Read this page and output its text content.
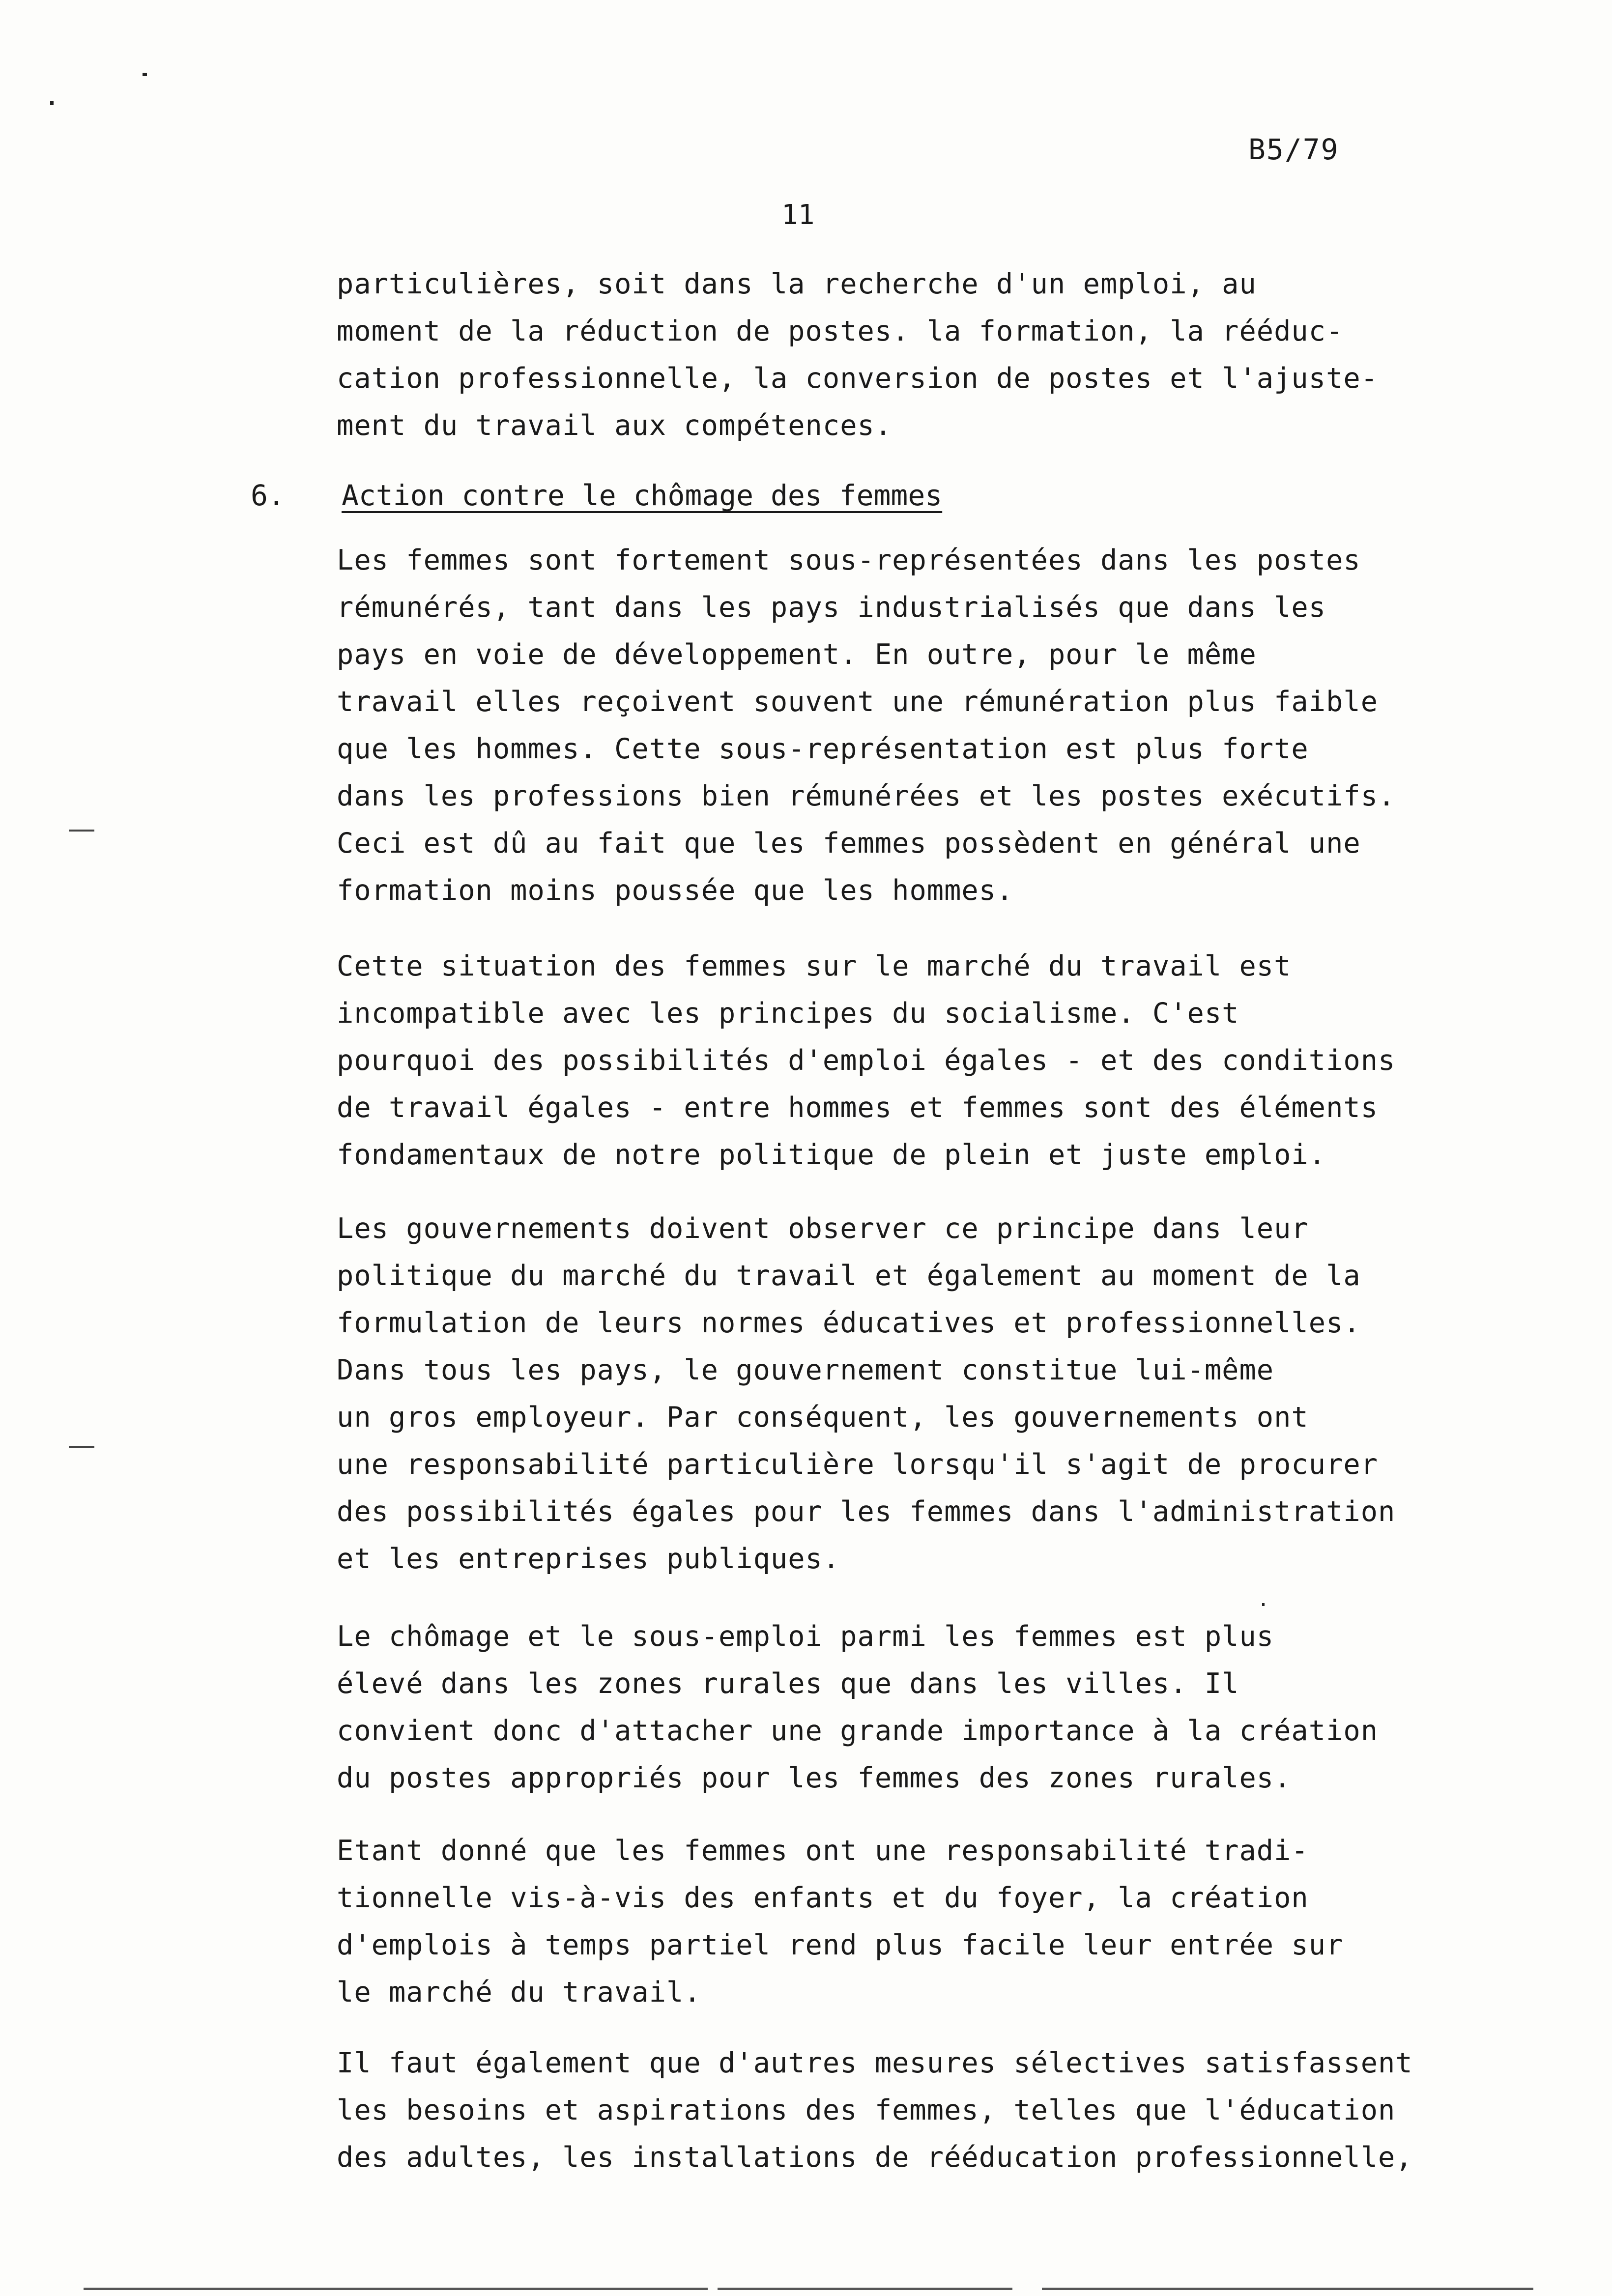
B5/79
11
particulières, soit dans la recherche d'un emploi, au
moment de la réduction de postes. la formation, la rééduc-
cation professionnelle, la conversion de postes et l'ajuste-
ment du travail aux compétences.
6. Action contre le chômage des femmes
Les femmes sont fortement sous-représentées dans les postes
rémunérés, tant dans les pays industrialisés que dans les
pays en voie de développement. En outre, pour le même
travail elles reçoivent souvent une rémunération plus faible
que les hommes. Cette sous-représentation est plus forte
dans les professions bien rémunérées et les postes exécutifs.
Ceci est dû au fait que les femmes possèdent en général une
formation moins poussée que les hommes.
Cette situation des femmes sur le marché du travail est
incompatible avec les principes du socialisme. C'est
pourquoi des possibilités d'emploi égales - et des conditions
de travail égales - entre hommes et femmes sont des éléments
fondamentaux de notre politique de plein et juste emploi.
Les gouvernements doivent observer ce principe dans leur
politique du marché du travail et également au moment de la
formulation de leurs normes éducatives et professionnelles.
Dans tous les pays, le gouvernement constitue lui-même
un gros employeur. Par conséquent, les gouvernements ont
une responsabilité particulière lorsqu'il s'agit de procurer
des possibilités égales pour les femmes dans l'administration
et les entreprises publiques.
Le chômage et le sous-emploi parmi les femmes est plus
élevé dans les zones rurales que dans les villes. Il
convient donc d'attacher une grande importance à la création
du postes appropriés pour les femmes des zones rurales.
Etant donné que les femmes ont une responsabilité tradi-
tionnelle vis-à-vis des enfants et du foyer, la création
d'emplois à temps partiel rend plus facile leur entrée sur
le marché du travail.
Il faut également que d'autres mesures sélectives satisfassent
les besoins et aspirations des femmes, telles que l'éducation
des adultes, les installations de rééducation professionnelle,
